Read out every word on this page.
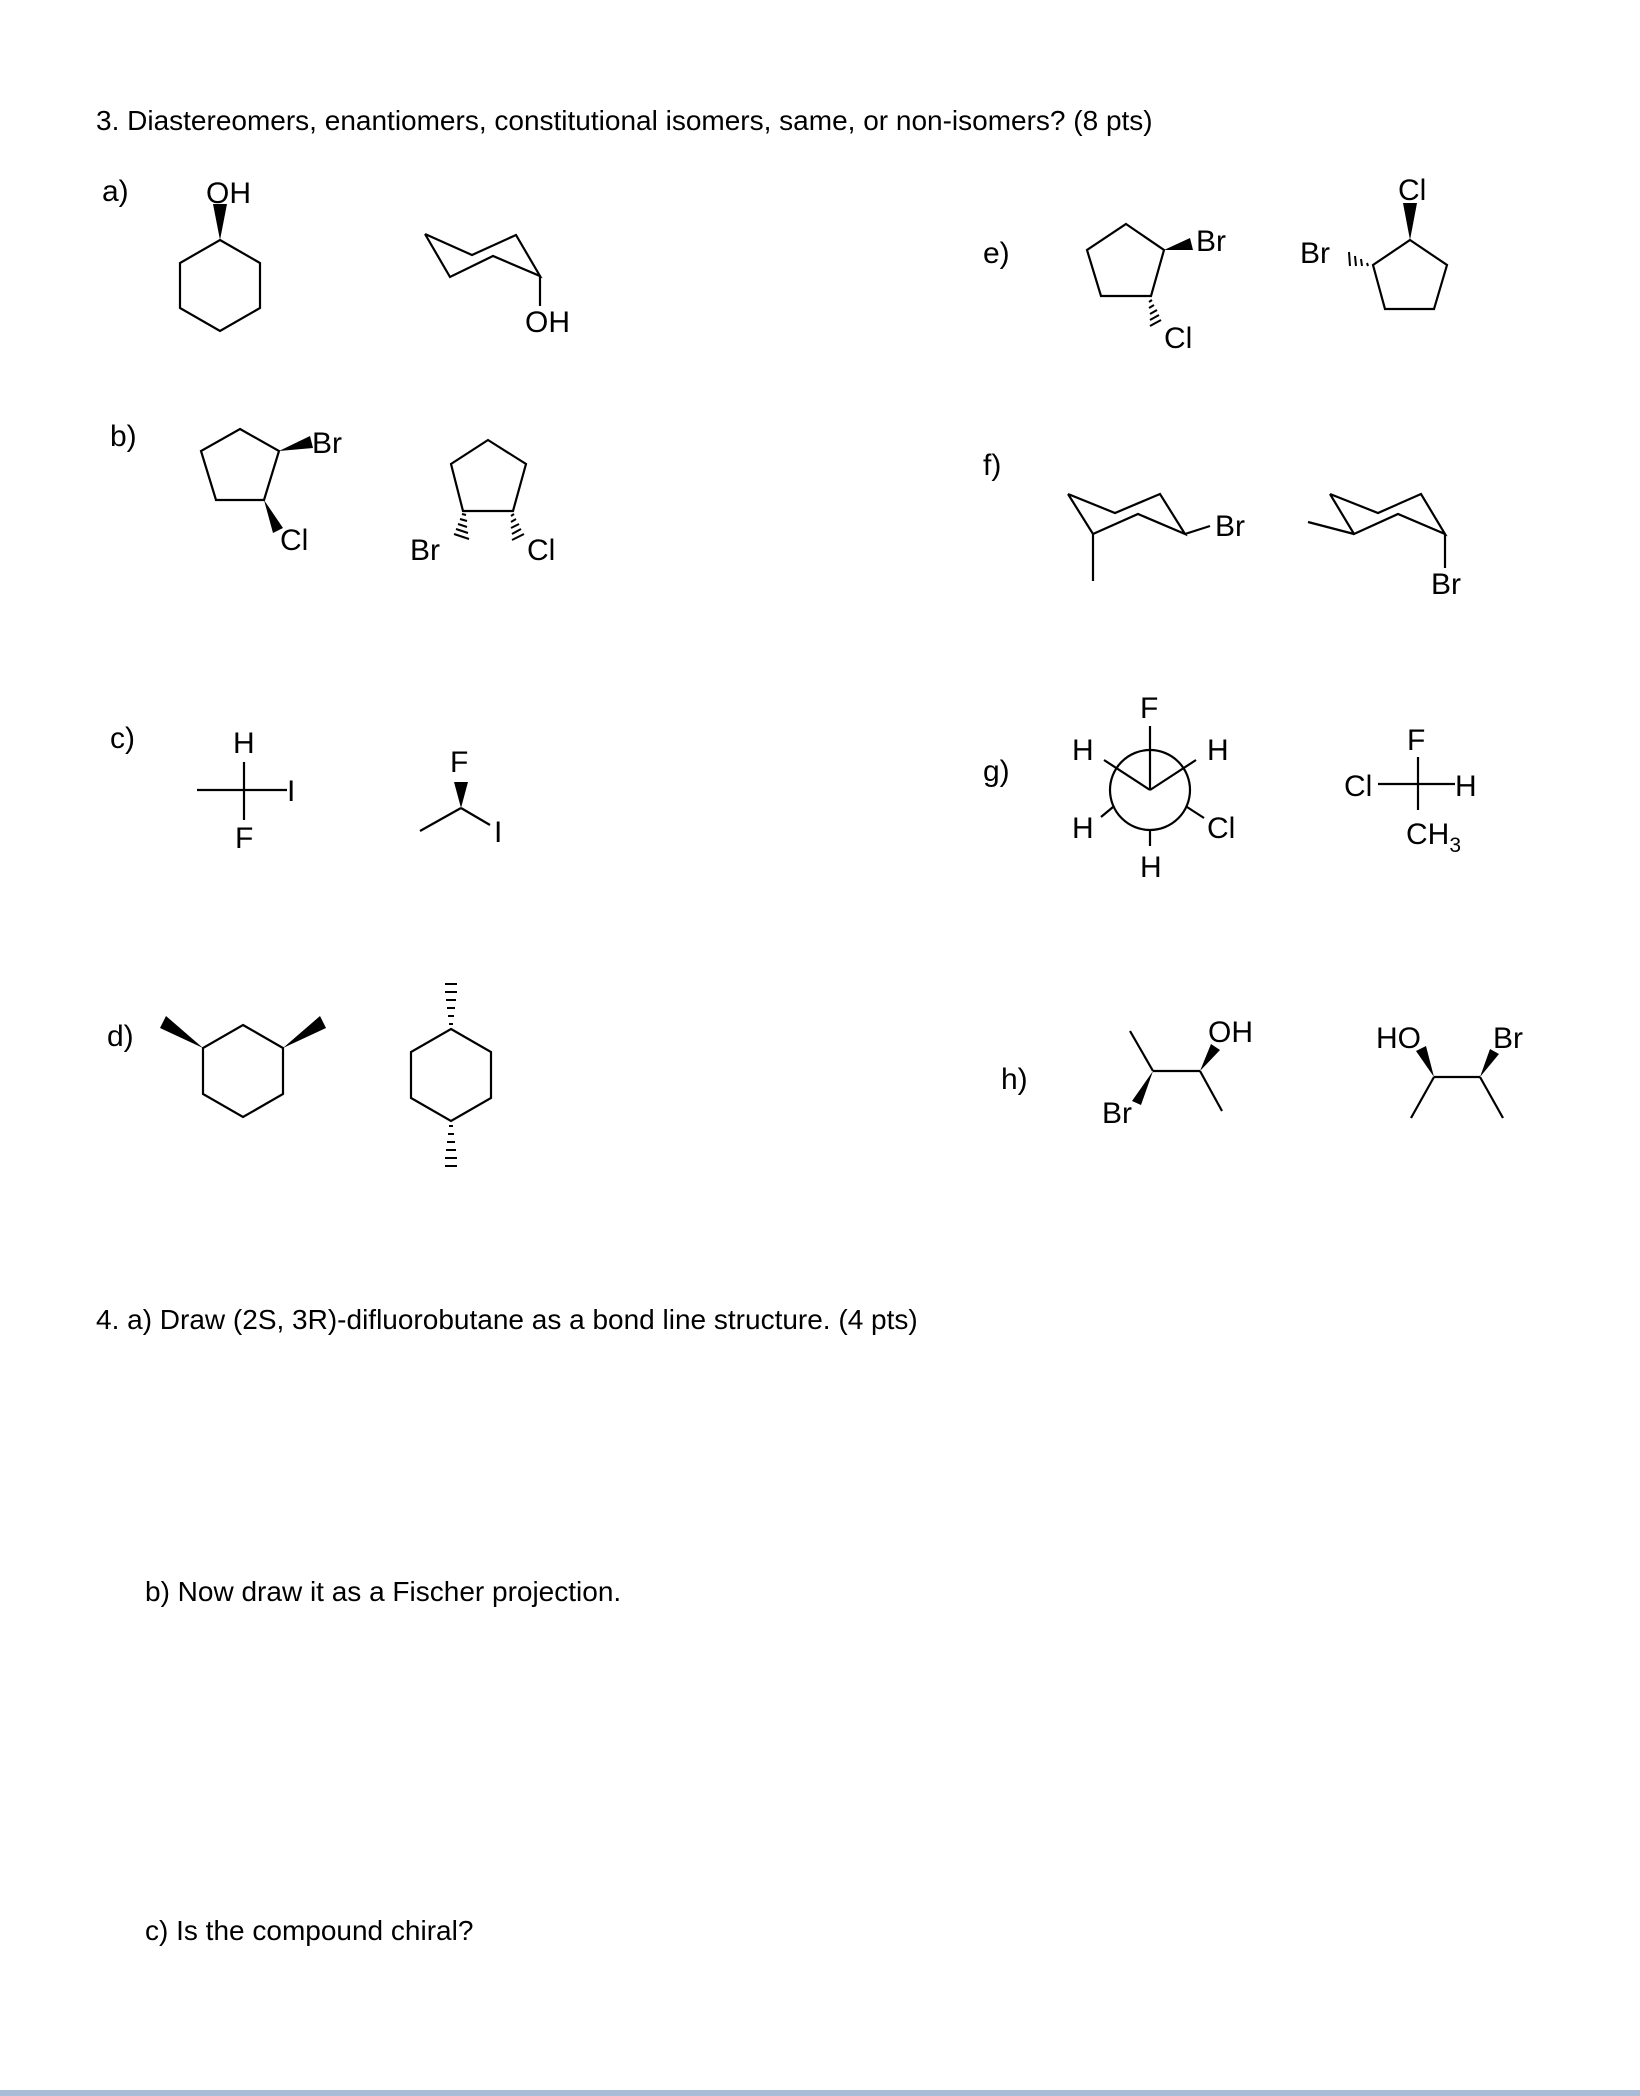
3. Diastereomers, enantiomers, constitutional isomers, same, or non-isomers? (8 pts)
a)
b)
c)
d)
e)
f)
g)
h)
OH
OH
Br
Cl	Br	Cl
H
I
F
F
I
Br
Cl
Br
Cl
Br
Br
F
H	H
H	Cl
H
F
Cl	H
$CH_3$
OH
Br
HO Br
4. a) Draw (2S, 3R)-difluorobutane as a bond line structure. (4 pts)
b) Now draw it as a Fischer projection.
c) Is the compound chiral?
